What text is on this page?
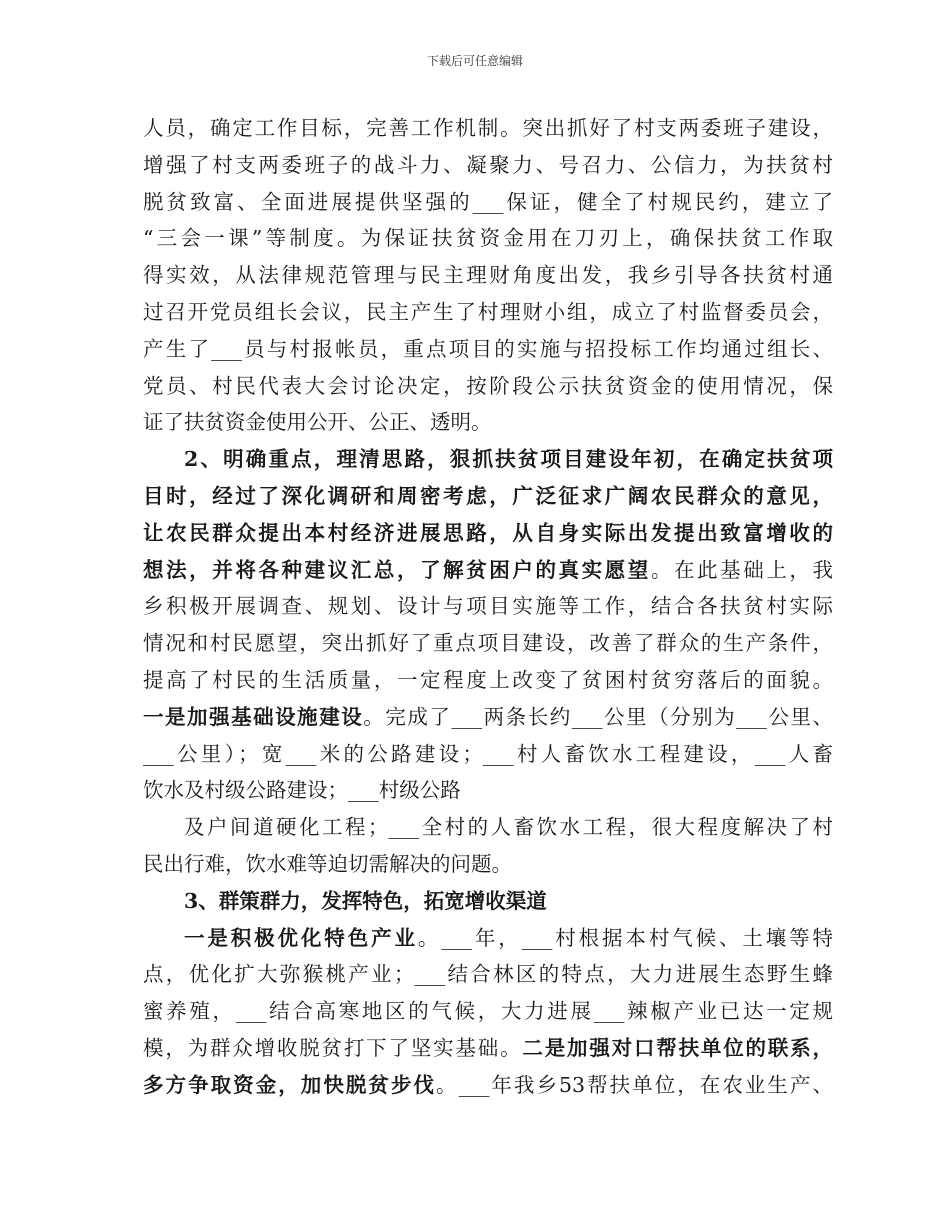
下载后可任意编辑

人员，确定工作目标，完善工作机制。突出抓好了村支两委班子建设，

增强了村支两委班子的战斗力、凝聚力、号召力、公信力，为扶贫村

脱贫致富、全面进展提供坚强的___保证，健全了村规民约，建立了

“三会一课”等制度。为保证扶贫资金用在刀刃上，确保扶贫工作取

得实效，从法律规范管理与民主理财角度出发，我乡引导各扶贫村通

过召开党员组长会议，民主产生了村理财小组，成立了村监督委员会，

产生了___员与村报帐员，重点项目的实施与招投标工作均通过组长、

党员、村民代表大会讨论决定，按阶段公示扶贫资金的使用情况，保

证了扶贫资金使用公开、公正、透明。

2、明确重点，理清思路，狠抓扶贫项目建设年初，在确定扶贫项

目时，经过了深化调研和周密考虑，广泛征求广阔农民群众的意见，

让农民群众提出本村经济进展思路，从自身实际出发提出致富增收的

想法，并将各种建议汇总，了解贫困户的真实愿望。在此基础上，我

乡积极开展调查、规划、设计与项目实施等工作，结合各扶贫村实际

情况和村民愿望，突出抓好了重点项目建设，改善了群众的生产条件，

提高了村民的生活质量，一定程度上改变了贫困村贫穷落后的面貌。

一是加强基础设施建设。完成了___两条长约___公里（分别为___公里、

___公里）；宽___米的公路建设；___村人畜饮水工程建设，___人畜

饮水及村级公路建设；___村级公路

及户间道硬化工程；___全村的人畜饮水工程，很大程度解决了村

民出行难，饮水难等迫切需解决的问题。

3、群策群力，发挥特色，拓宽增收渠道

一是积极优化特色产业。___年，___村根据本村气候、土壤等特

点，优化扩大弥猴桃产业；___结合林区的特点，大力进展生态野生蜂

蜜养殖，___结合高寒地区的气候，大力进展___辣椒产业已达一定规

模，为群众增收脱贫打下了坚实基础。二是加强对口帮扶单位的联系，

多方争取资金，加快脱贫步伐。___年我乡53帮扶单位，在农业生产、
